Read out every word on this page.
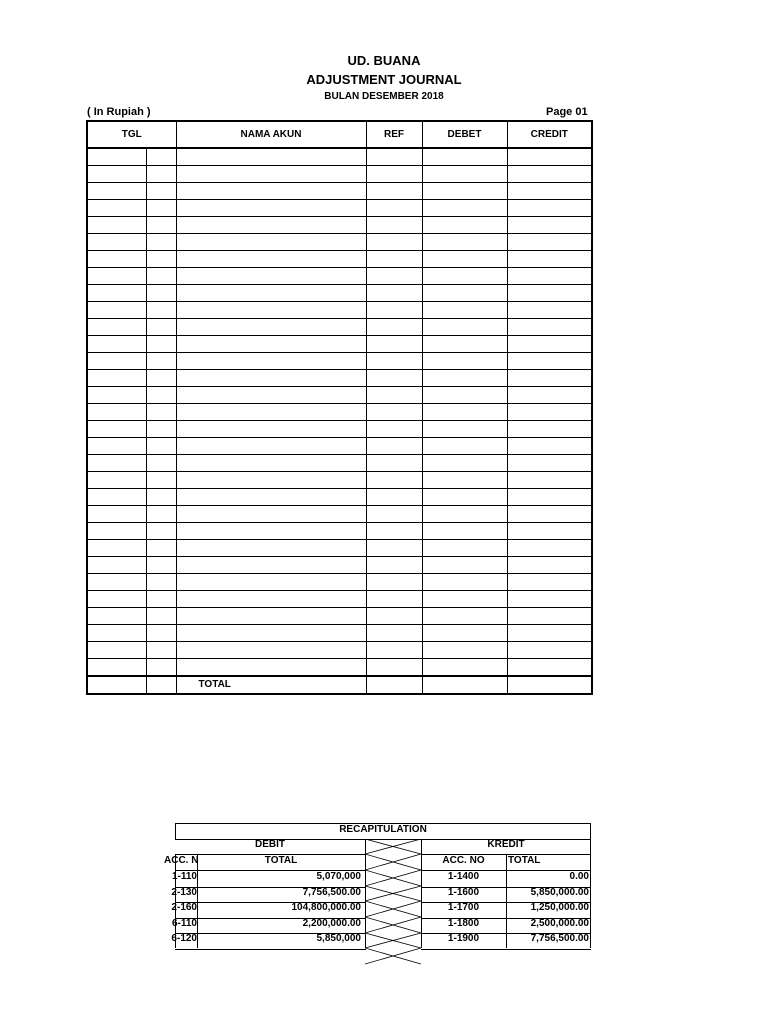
UD. BUANA
ADJUSTMENT JOURNAL
BULAN DESEMBER 2018
( In Rupiah )	Page 01
TGL		NAMA AKUN	REF	DEBET	CREDIT

		TOTAL			
RECAPITULATION
DEBIT	KREDIT
ACC. N	TOTAL	ACC. NO	TOTAL
1-110	5,070,000	1-1400	0.00
2-130	7,756,500.00	1-1600	5,850,000.00
2-160	104,800,000.00	1-1700	1,250,000.00
6-110	2,200,000.00	1-1800	2,500,000.00
6-120	5,850,000	1-1900	7,756,500.00
